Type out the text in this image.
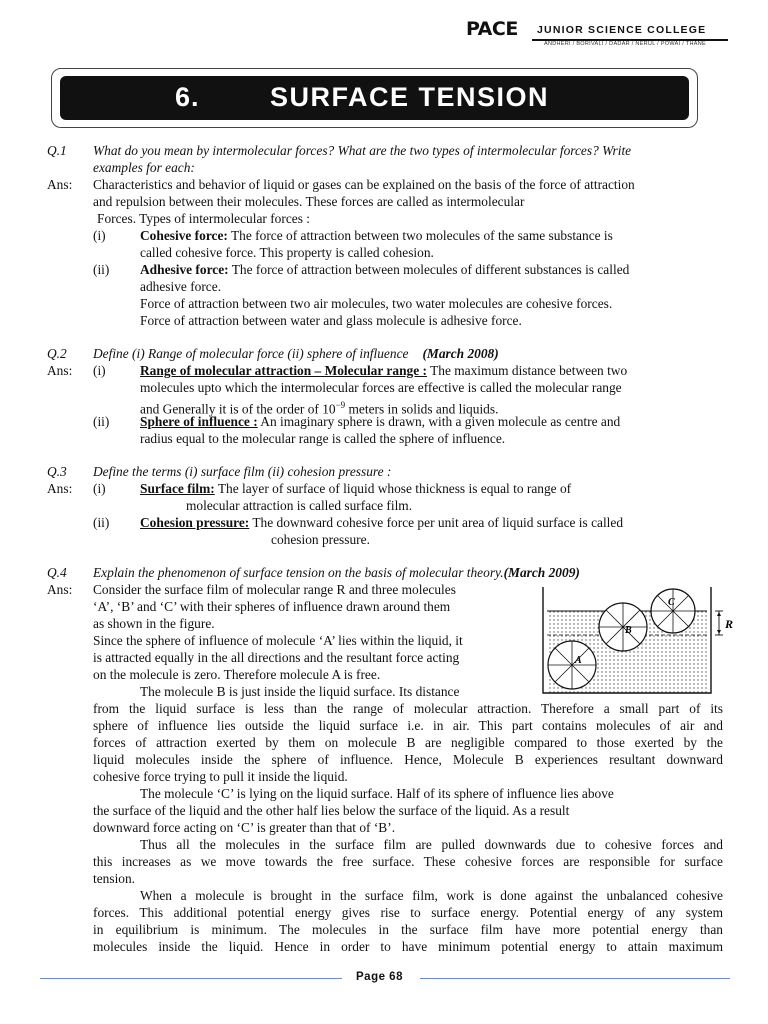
PACE JUNIOR SCIENCE COLLEGE
ANDHERI / BORIVALI / DADAR / NERUL / POWAI / THANE
6.	SURFACE TENSION
Q.1 What do you mean by intermolecular forces? What are the two types of intermolecular forces? Write
examples for each:
Ans: Characteristics and behavior of liquid or gases can be explained on the basis of the force of attraction
and repulsion between their molecules. These forces are called as intermolecular
Forces. Types of intermolecular forces :
(i)	Cohesive force: The force of attraction between two molecules of the same substance is
called cohesive force. This property is called cohesion.
(ii) Adhesive force: The force of attraction between molecules of different substances is called
adhesive force.
Force of attraction between two air molecules, two water molecules are cohesive forces.
Force of attraction between water and glass molecule is adhesive force.
Q.2 Define (i) Range of molecular force (ii) sphere of influence (March 2008)
Ans: (i)	Range of molecular attraction – Molecular range : The maximum distance between two
molecules upto which the intermolecular forces are effective is called the molecular range
and Generally it is of the order of $10^{-9}$ meters in solids and liquids.
(ii) Sphere of influence : An imaginary sphere is drawn, with a given molecule as centre and
radius equal to the molecular range is called the sphere of influence.
Q.3 Define the terms (i) surface film (ii) cohesion pressure :
Ans: (i)	Surface film: The layer of surface of liquid whose thickness is equal to range of
molecular attraction is called surface film.
(ii) Cohesion pressure: The downward cohesive force per unit area of liquid surface is called
cohesion pressure.
Q.4 Explain the phenomenon of surface tension on the basis of molecular theory.(March 2009)
Ans: Consider the surface film of molecular range R and three molecules
‘A’, ‘B’ and ‘C’ with their spheres of influence drawn around them
as shown in the figure.
Since the sphere of influence of molecule ‘A’ lies within the liquid, it
is attracted equally in the all directions and the resultant force acting
on the molecule is zero. Therefore molecule A is free.
The molecule B is just inside the liquid surface. Its distance
from the liquid surface is less than the range of molecular attraction. Therefore a small part of its
sphere of influence lies outside the liquid surface i.e. in air. This part contains molecules of air and
forces of attraction exerted by them on molecule B are negligible compared to those exerted by the
liquid molecules inside the sphere of influence. Hence, Molecule B experiences resultant downward
cohesive force trying to pull it inside the liquid.
The molecule ‘C’ is lying on the liquid surface. Half of its sphere of influence lies above
the surface of the liquid and the other half lies below the surface of the liquid. As a result
downward force acting on ‘C’ is greater than that of ‘B’.
Thus all the molecules in the surface film are pulled downwards due to cohesive forces and
this increases as we move towards the free surface. These cohesive forces are responsible for surface
tension.
When a molecule is brought in the surface film, work is done against the unbalanced cohesive
forces. This additional potential energy gives rise to surface energy. Potential energy of any system
in equilibrium is minimum. The molecules in the surface film have more potential energy than
molecules inside the liquid. Hence in order to have minimum potential energy to attain maximum
R
A
B
C
Page 68
